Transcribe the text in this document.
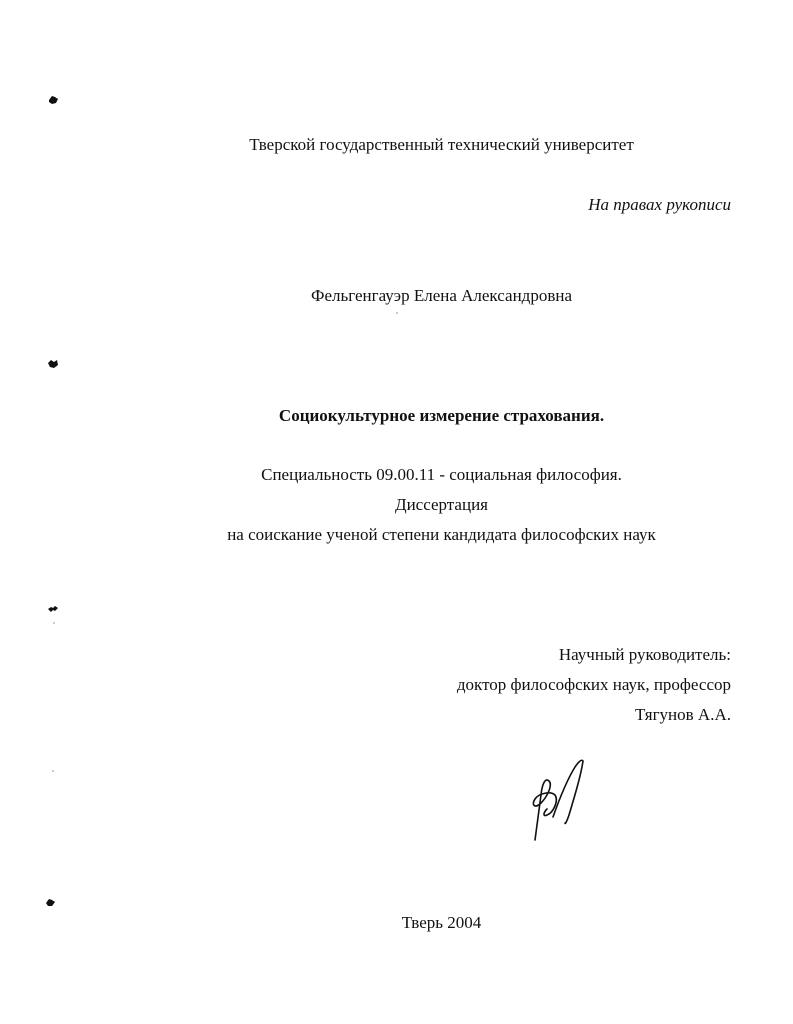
Тверской государственный технический университет
На правах рукописи
Фельгенгауэр Елена Александровна
Социокультурное измерение страхования.
Специальность 09.00.11 - социальная философия.
Диссертация
на соискание ученой степени кандидата философских наук
Научный руководитель:
доктор философских наук, профессор
Тягунов А.А.
Тверь 2004
